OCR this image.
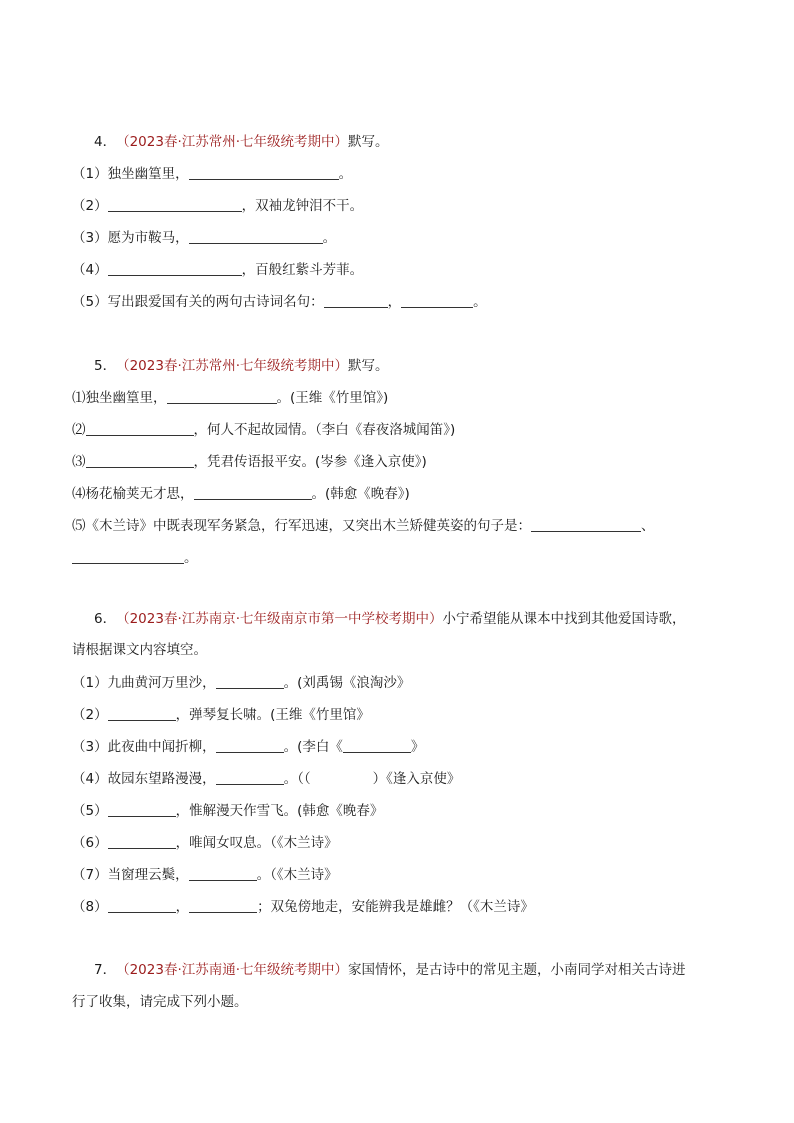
4．（2023春·江苏常州·七年级统考期中）默写。
（1）独坐幽篁里，	。
（2）	，双袖龙钟泪不干。
（3）愿为市鞍马，	。
（4）	，百般红紫斗芳菲。
（5）写出跟爱国有关的两句古诗词名句：	，	。
5．（2023春·江苏常州·七年级统考期中）默写。
⑴独坐幽篁里，	。(王维《竹里馆》)
⑵	，何人不起故园情。（李白《春夜洛城闻笛》)
⑶	，凭君传语报平安。(岑参《逢入京使》)
⑷杨花榆荚无才思，	。(韩愈《晚春》)
⑸《木兰诗》中既表现军务紧急，行军迅速，又突出木兰矫健英姿的句子是：	、
。
6．（2023春·江苏南京·七年级南京市第一中学校考期中）小宁希望能从课本中找到其他爱国诗歌，
请根据课文内容填空。
（1）九曲黄河万里沙，	。(刘禹锡《浪淘沙》
（2）	，弹琴复长啸。(王维《竹里馆》
（3）此夜曲中闻折柳，	。(李白《	》
（4）故园东望路漫漫，	。（（	）《逢入京使》
（5）	，惟解漫天作雪飞。(韩愈《晚春》
（6）	，唯闻女叹息。（《木兰诗》
（7）当窗理云鬓，	。（《木兰诗》
（8）	，	；双兔傍地走，安能辨我是雄雌？（《木兰诗》
7．（2023春·江苏南通·七年级统考期中）家国情怀，是古诗中的常见主题，小南同学对相关古诗进
行了收集，请完成下列小题。
